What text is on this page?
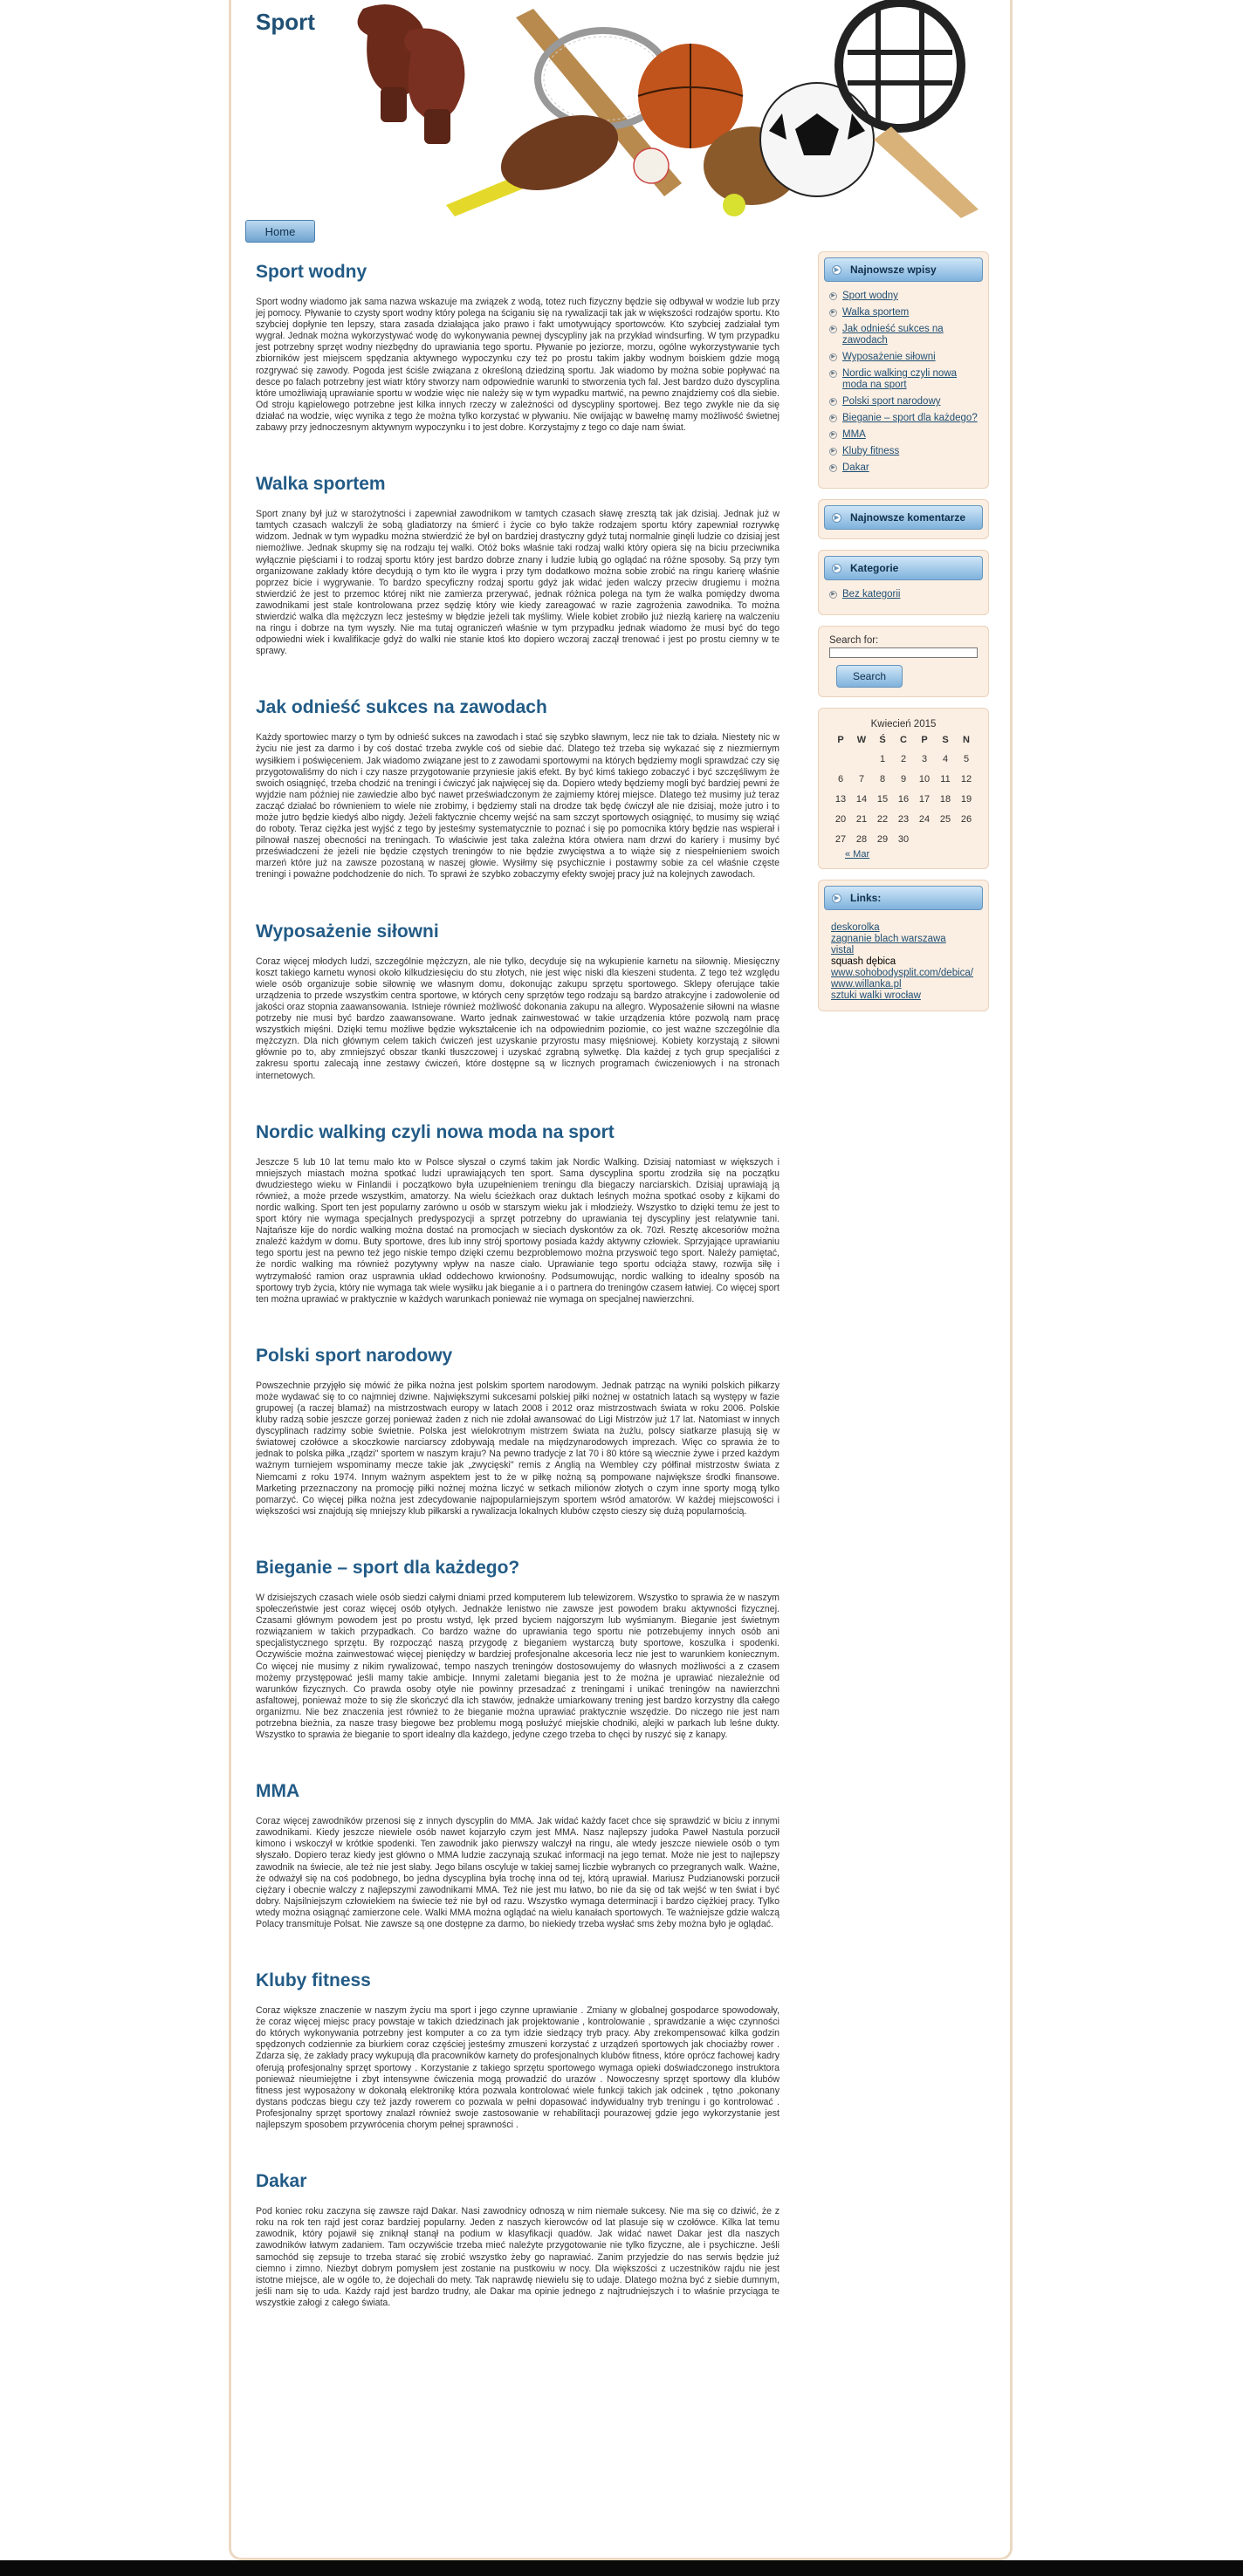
Sport
Home
Sport wodny

Sport wodny wiadomo jak sama nazwa wskazuje ma związek z wodą, totez ruch fizyczny będzie się odbywał w wodzie lub przy jej pomocy. Pływanie to czysty sport wodny który polega na ściganiu się na rywalizacji tak jak w większości rodzajów sportu. Kto szybciej dopłynie ten lepszy, stara zasada działająca jako prawo i fakt umotywujący sportowców. Kto szybciej zadziałał tym wygrał. Jednak można wykorzystywać wodę do wykonywania pewnej dyscypliny jak na przykład windsurfing. W tym przypadku jest potrzebny sprzęt wodny niezbędny do uprawiania tego sportu. Pływanie po jeziorze, morzu, ogólne wykorzystywanie tych zbiorników jest miejscem spędzania aktywnego wypoczynku czy też po prostu takim jakby wodnym boiskiem gdzie mogą rozgrywać się zawody. Pogoda jest ściśle związana z określoną dziedziną sportu. Jak wiadomo by można sobie popływać na desce po falach potrzebny jest wiatr który stworzy nam odpowiednie warunki to stworzenia tych fal. Jest bardzo dużo dyscyplina które umożliwiają uprawianie sportu w wodzie więc nie należy się w tym wypadku martwić, na pewno znajdziemy coś dla siebie. Od stroju kąpielowego potrzebne jest kilka innych rzeczy w zależności od dyscypliny sportowej. Bez tego zwykle nie da się działać na wodzie, więc wynika z tego że można tylko korzystać w pływaniu. Nie owijając w bawełnę mamy możliwość świetnej zabawy przy jednoczesnym aktywnym wypoczynku i to jest dobre. Korzystajmy z tego co daje nam świat.

Walka sportem

Sport znany był już w starożytności i zapewniał zawodnikom w tamtych czasach sławę zresztą tak jak dzisiaj. Jednak już w tamtych czasach walczyli że sobą gladiatorzy na śmierć i życie co było także rodzajem sportu który zapewniał rozrywkę widzom. Jednak w tym wypadku można stwierdzić że był on bardziej drastyczny gdyż tutaj normalnie ginęli ludzie co dzisiaj jest niemożliwe. Jednak skupmy się na rodzaju tej walki. Otóż boks właśnie taki rodzaj walki który opiera się na biciu przeciwnika wyłącznie pięściami i to rodzaj sportu który jest bardzo dobrze znany i ludzie lubią go oglądać na różne sposoby. Są przy tym organizowane zakłady które decydują o tym kto ile wygra i przy tym dodatkowo można sobie zrobić na ringu karierę właśnie poprzez bicie i wygrywanie. To bardzo specyficzny rodzaj sportu gdyż jak widać jeden walczy przeciw drugiemu i można stwierdzić że jest to przemoc której nikt nie zamierza przerywać, jednak różnica polega na tym że walka pomiędzy dwoma zawodnikami jest stale kontrolowana przez sędzię który wie kiedy zareagować w razie zagrożenia zawodnika. To można stwierdzić walka dla mężczyzn lecz jesteśmy w błędzie jeżeli tak myślimy. Wiele kobiet zrobiło już niezłą karierę na walczeniu na ringu i dobrze na tym wyszły. Nie ma tutaj ograniczeń właśnie w tym przypadku jednak wiadomo że musi być do tego odpowiedni wiek i kwalifikacje gdyż do walki nie stanie ktoś kto dopiero wczoraj zaczął trenować i jest po prostu ciemny w te sprawy.

Jak odnieść sukces na zawodach

Każdy sportowiec marzy o tym by odnieść sukces na zawodach i stać się szybko sławnym, lecz nie tak to działa. Niestety nic w życiu nie jest za darmo i by coś dostać trzeba zwykle coś od siebie dać. Dlatego też trzeba się wykazać się z niezmiernym wysiłkiem i poświęceniem. Jak wiadomo związane jest to z zawodami sportowymi na których będziemy mogli sprawdzać czy się przygotowaliśmy do nich i czy nasze przygotowanie przyniesie jakiś efekt. By być kimś takiego zobaczyć i być szczęśliwym że swoich osiągnięć, trzeba chodzić na treningi i ćwiczyć jak najwięcej się da. Dopiero wtedy będziemy mogli być bardziej pewni że wyjdzie nam później nie zawiedzie albo być nawet przeświadczonym że zajmiemy której miejsce. Dlatego też musimy już teraz zacząć działać bo równieniem to wiele nie zrobimy, i będziemy stali na drodze tak będę ćwiczył ale nie dzisiaj, może jutro i to może jutro będzie kiedyś albo nigdy. Jeżeli faktycznie chcemy wejść na sam szczyt sportowych osiągnięć, to musimy się wziąć do roboty. Teraz ciężka jest wyjść z tego by jesteśmy systematycznie to poznać i się po pomocnika który będzie nas wspierał i pilnował naszej obecności na treningach. To właściwie jest taka zależna która otwiera nam drzwi do kariery i musimy być przeświadczeni że jeżeli nie będzie częstych treningów to nie będzie zwycięstwa a to wiąże się z niespełnieniem swoich marzeń które już na zawsze pozostaną w naszej głowie. Wysiłmy się psychicznie i postawmy sobie za cel właśnie częste treningi i poważne podchodzenie do nich. To sprawi że szybko zobaczymy efekty swojej pracy już na kolejnych zawodach.

Wyposażenie siłowni

Coraz więcej młodych ludzi, szczególnie mężczyzn, ale nie tylko, decyduje się na wykupienie karnetu na siłownię. Miesięczny koszt takiego karnetu wynosi około kilkudziesięciu do stu złotych, nie jest więc niski dla kieszeni studenta. Z tego też względu wiele osób organizuje sobie siłownię we własnym domu, dokonując zakupu sprzętu sportowego. Sklepy oferujące takie urządzenia to przede wszystkim centra sportowe, w których ceny sprzętów tego rodzaju są bardzo atrakcyjne i zadowolenie od jakości oraz stopnia zaawansowania. Istnieje również możliwość dokonania zakupu na allegro. Wyposażenie siłowni na własne potrzeby nie musi być bardzo zaawansowane. Warto jednak zainwestować w takie urządzenia które pozwolą nam pracę wszystkich mięśni. Dzięki temu możliwe będzie wykształcenie ich na odpowiednim poziomie, co jest ważne szczególnie dla mężczyzn. Dla nich głównym celem takich ćwiczeń jest uzyskanie przyrostu masy mięśniowej. Kobiety korzystają z siłowni głównie po to, aby zmniejszyć obszar tkanki tłuszczowej i uzyskać zgrabną sylwetkę. Dla każdej z tych grup specjaliści z zakresu sportu zalecają inne zestawy ćwiczeń, które dostępne są w licznych programach ćwiczeniowych i na stronach internetowych.

Nordic walking czyli nowa moda na sport

Jeszcze 5 lub 10 lat temu mało kto w Polsce słyszał o czymś takim jak Nordic Walking. Dzisiaj natomiast w większych i mniejszych miastach można spotkać ludzi uprawiających ten sport. Sama dyscyplina sportu zrodziła się na początku dwudziestego wieku w Finlandii i początkowo była uzupełnieniem treningu dla biegaczy narciarskich. Dzisiaj uprawiają ją również, a może przede wszystkim, amatorzy. Na wielu ścieżkach oraz duktach leśnych można spotkać osoby z kijkami do nordic walking. Sport ten jest popularny zarówno u osób w starszym wieku jak i młodzieży. Wszystko to dzięki temu że jest to sport który nie wymaga specjalnych predyspozycji a sprzęt potrzebny do uprawiania tej dyscypliny jest relatywnie tani. Najtańsze kije do nordic walking można dostać na promocjach w sieciach dyskontów za ok. 70zł. Resztę akcesoriów można znaleźć każdym w domu. Buty sportowe, dres lub inny strój sportowy posiada każdy aktywny człowiek. Sprzyjające uprawianiu tego sportu jest na pewno też jego niskie tempo dzięki czemu bezproblemowo można przyswoić tego sport. Należy pamiętać, że nordic walking ma również pozytywny wpływ na nasze ciało. Uprawianie tego sportu odciąża stawy, rozwija siłę i wytrzymałość ramion oraz usprawnia układ oddechowo krwionośny. Podsumowując, nordic walking to idealny sposób na sportowy tryb życia, który nie wymaga tak wiele wysiłku jak bieganie a i o partnera do treningów czasem łatwiej. Co więcej sport ten można uprawiać w praktycznie w każdych warunkach ponieważ nie wymaga on specjalnej nawierzchni.

Polski sport narodowy

Powszechnie przyjęło się mówić że piłka nożna jest polskim sportem narodowym. Jednak patrząc na wyniki polskich piłkarzy może wydawać się to co najmniej dziwne. Największymi sukcesami polskiej piłki nożnej w ostatnich latach są występy w fazie grupowej (a raczej blamaż) na mistrzostwach europy w latach 2008 i 2012 oraz mistrzostwach świata w roku 2006. Polskie kluby radzą sobie jeszcze gorzej ponieważ żaden z nich nie zdołał awansować do Ligi Mistrzów już 17 lat. Natomiast w innych dyscyplinach radzimy sobie świetnie. Polska jest wielokrotnym mistrzem świata na żużlu, polscy siatkarze plasują się w światowej czołówce a skoczkowie narciarscy zdobywają medale na międzynarodowych imprezach. Więc co sprawia że to jednak to polska piłka „rządzi" sportem w naszym kraju? Na pewno tradycje z lat 70 i 80 które są wiecznie żywe i przed każdym ważnym turniejem wspominamy mecze takie jak „zwycięski" remis z Anglią na Wembley czy półfinał mistrzostw świata z Niemcami z roku 1974. Innym ważnym aspektem jest to że w piłkę nożną są pompowane największe środki finansowe. Marketing przeznaczony na promocję piłki nożnej można liczyć w setkach milionów złotych o czym inne sporty mogą tylko pomarzyć. Co więcej piłka nożna jest zdecydowanie najpopularniejszym sportem wśród amatorów. W każdej miejscowości i większości wsi znajdują się mniejszy klub piłkarski a rywalizacja lokalnych klubów często cieszy się dużą popularnością.

Bieganie – sport dla każdego?

W dzisiejszych czasach wiele osób siedzi całymi dniami przed komputerem lub telewizorem. Wszystko to sprawia że w naszym społeczeństwie jest coraz więcej osób otyłych. Jednakże lenistwo nie zawsze jest powodem braku aktywności fizycznej. Czasami głównym powodem jest po prostu wstyd, lęk przed byciem najgorszym lub wyśmianym. Bieganie jest świetnym rozwiązaniem w takich przypadkach. Co bardzo ważne do uprawiania tego sportu nie potrzebujemy innych osób ani specjalistycznego sprzętu. By rozpocząć naszą przygodę z bieganiem wystarczą buty sportowe, koszulka i spodenki. Oczywiście można zainwestować więcej pieniędzy w bardziej profesjonalne akcesoria lecz nie jest to warunkiem koniecznym. Co więcej nie musimy z nikim rywalizować, tempo naszych treningów dostosowujemy do własnych możliwości a z czasem możemy przystępować jeśli mamy takie ambicje. Innymi zaletami biegania jest to że można je uprawiać niezależnie od warunków fizycznych. Co prawda osoby otyłe nie powinny przesadzać z treningami i unikać treningów na nawierzchni asfaltowej, ponieważ może to się źle skończyć dla ich stawów, jednakże umiarkowany trening jest bardzo korzystny dla całego organizmu. Nie bez znaczenia jest również to że bieganie można uprawiać praktycznie wszędzie. Do niczego nie jest nam potrzebna bieżnia, za nasze trasy biegowe bez problemu mogą posłużyć miejskie chodniki, alejki w parkach lub leśne dukty. Wszystko to sprawia że bieganie to sport idealny dla każdego, jedyne czego trzeba to chęci by ruszyć się z kanapy.

MMA

Coraz więcej zawodników przenosi się z innych dyscyplin do MMA. Jak widać każdy facet chce się sprawdzić w biciu z innymi zawodnikami. Kiedy jeszcze niewiele osób nawet kojarzyło czym jest MMA. Nasz najlepszy judoka Paweł Nastula porzucił kimono i wskoczył w krótkie spodenki. Ten zawodnik jako pierwszy walczył na ringu, ale wtedy jeszcze niewiele osób o tym słyszało. Dopiero teraz kiedy jest główno o MMA ludzie zaczynają szukać informacji na jego temat. Może nie jest to najlepszy zawodnik na świecie, ale też nie jest słaby. Jego bilans oscyluje w takiej samej liczbie wybranych co przegranych walk. Ważne, że odważył się na coś podobnego, bo jedna dyscyplina była trochę inna od tej, którą uprawiał. Mariusz Pudzianowski porzucił ciężary i obecnie walczy z najlepszymi zawodnikami MMA. Też nie jest mu łatwo, bo nie da się od tak wejść w ten świat i być dobry. Najsilniejszym człowiekiem na świecie też nie był od razu. Wszystko wymaga determinacji i bardzo ciężkiej pracy. Tylko wtedy można osiągnąć zamierzone cele. Walki MMA można oglądać na wielu kanałach sportowych. Te ważniejsze gdzie walczą Polacy transmituje Polsat. Nie zawsze są one dostępne za darmo, bo niekiedy trzeba wysłać sms żeby można było je oglądać.

Kluby fitness

Coraz większe znaczenie w naszym życiu ma sport i jego czynne uprawianie . Zmiany w globalnej gospodarce spowodowały, że coraz więcej miejsc pracy powstaje w takich dziedzinach jak projektowanie , kontrolowanie , sprawdzanie a więc czynności do których wykonywania potrzebny jest komputer a co za tym idzie siedzący tryb pracy. Aby zrekompensować kilka godzin spędzonych codziennie za biurkiem coraz częściej jesteśmy zmuszeni korzystać z urządzeń sportowych jak chociażby rower . Zdarza się, że zakłady pracy wykupują dla pracowników karnety do profesjonalnych klubów fitness, które oprócz fachowej kadry oferują profesjonalny sprzęt sportowy . Korzystanie z takiego sprzętu sportowego wymaga opieki doświadczonego instruktora ponieważ nieumiejętne i zbyt intensywne ćwiczenia mogą prowadzić do urazów . Nowoczesny sprzęt sportowy dla klubów fitness jest wyposażony w dokonałą elektronikę która pozwala kontrolować wiele funkcji takich jak odcinek , tętno ,pokonany dystans podczas biegu czy też jazdy rowerem co pozwala w pełni dopasować indywidualny tryb treningu i go kontrolować . Profesjonalny sprzęt sportowy znalazł również swoje zastosowanie w rehabilitacji pourazowej gdzie jego wykorzystanie jest najlepszym sposobem przywrócenia chorym pełnej sprawności .

Dakar

Pod koniec roku zaczyna się zawsze rajd Dakar. Nasi zawodnicy odnoszą w nim niemałe sukcesy. Nie ma się co dziwić, że z roku na rok ten rajd jest coraz bardziej popularny. Jeden z naszych kierowców od lat plasuje się w czołówce. Kilka lat temu zawodnik, który pojawił się zniknął stanął na podium w klasyfikacji quadów. Jak widać nawet Dakar jest dla naszych zawodników łatwym zadaniem. Tam oczywiście trzeba mieć naleźyte przygotowanie nie tylko fizyczne, ale i psychiczne. Jeśli samochód się zepsuje to trzeba starać się zrobić wszystko żeby go naprawiać. Zanim przyjedzie do nas serwis będzie już ciemno i zimno. Niezbyt dobrym pomysłem jest zostanie na pustkowiu w nocy. Dla większości z uczestników rajdu nie jest istotne miejsce, ale w ogóle to, że dojechali do mety. Tak naprawdę niewielu się to udaje. Dlatego można być z siebie dumnym, jeśli nam się to uda. Każdy rajd jest bardzo trudny, ale Dakar ma opinie jednego z najtrudniejszych i to właśnie przyciąga te wszystkie załogi z całego świata.

▶ Najnowsze wpisy
▶ Sport wodny
▶ Walka sportem
▶ Jak odnieść sukces na zawodach
▶ Wyposażenie siłowni
▶ Nordic walking czyli nowa moda na sport
▶ Polski sport narodowy
▶ Bieganie – sport dla każdego?
▶ MMA
▶ Kluby fitness
▶ Dakar
▶ Najnowsze komentarze
▶ Kategorie
▶ Bez kategorii
Search for:
Search
Kwiecień 2015
P	W	Ś	C	P	S	N
		1	2	3	4	5
6	7	8	9	10	11	12
13	14	15	16	17	18	19
20	21	22	23	24	25	26
27	28	29	30			
« Mar
▶ Links:
deskorolka
zagnanie blach warszawa
vistal
squash dębica
www.sohobodysplit.com/debica/
www.willanka.pl
sztuki walki wrocław
